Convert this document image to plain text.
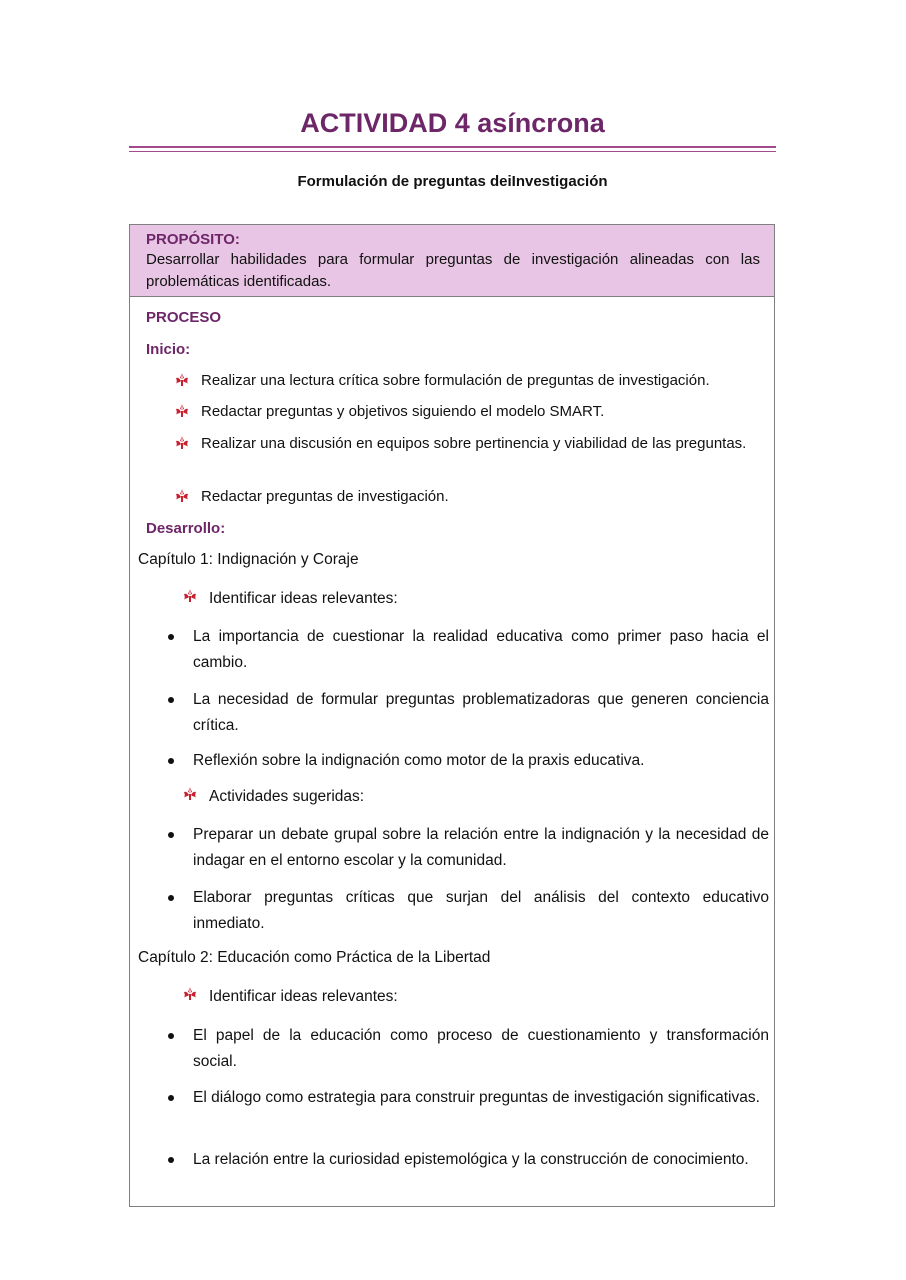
ACTIVIDAD 4 asíncrona
Formulación de preguntas deiInvestigación
PROPÓSITO:
Desarrollar habilidades para formular preguntas de investigación alineadas con las problemáticas identificadas.
PROCESO
Inicio:
Realizar una lectura crítica sobre formulación de preguntas de investigación.
Redactar preguntas y objetivos siguiendo el modelo SMART.
Realizar una discusión en equipos sobre pertinencia y viabilidad de las preguntas.
Redactar preguntas de investigación.
Desarrollo:
Capítulo 1: Indignación y Coraje
Identificar ideas relevantes:
La importancia de cuestionar la realidad educativa como primer paso hacia el cambio.
La necesidad de formular preguntas problematizadoras que generen conciencia crítica.
Reflexión sobre la indignación como motor de la praxis educativa.
Actividades sugeridas:
Preparar un debate grupal sobre la relación entre la indignación y la necesidad de indagar en el entorno escolar y la comunidad.
Elaborar preguntas críticas que surjan del análisis del contexto educativo inmediato.
Capítulo 2: Educación como Práctica de la Libertad
Identificar ideas relevantes:
El papel de la educación como proceso de cuestionamiento y transformación social.
El diálogo como estrategia para construir preguntas de investigación significativas.
La relación entre la curiosidad epistemológica y la construcción de conocimiento.
